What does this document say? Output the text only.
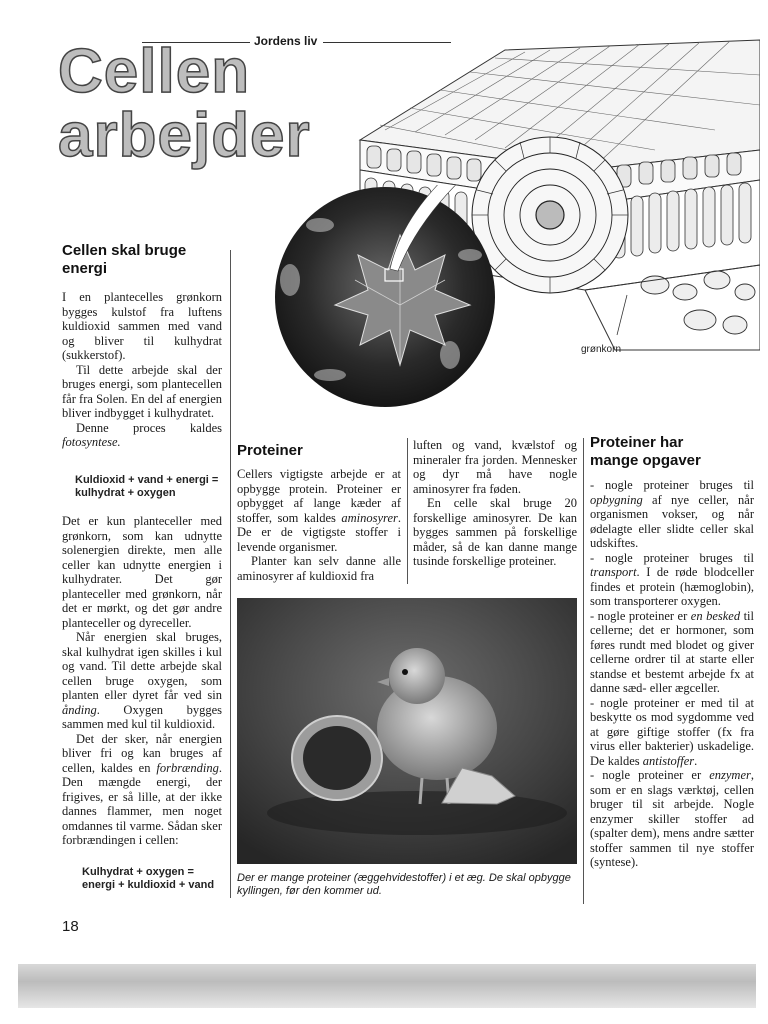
Jordens liv
Cellen
arbejder
grønkorn
Cellen skal bruge energi

I en plantecelles grønkorn bygges kulstof fra luftens kuldioxid sammen med vand og bliver til kulhydrat (sukkerstof).

Til dette arbejde skal der bruges energi, som plantecellen får fra Solen. En del af energien bliver indbygget i kulhydratet.

Denne proces kaldes fotosyntese.

Kuldioxid + vand + energi =
kulhydrat + oxygen

Det er kun planteceller med grønkorn, som kan udnytte solenergien direkte, men alle celler kan udnytte energien i kulhydrater. Det gør planteceller med grønkorn, når det er mørkt, og det gør andre planteceller og dyreceller.

Når energien skal bruges, skal kulhydrat igen skilles i kul og vand. Til dette arbejde skal cellen bruge oxygen, som planten eller dyret får ved sin ånding. Oxygen bygges sammen med kul til kuldioxid.

Det der sker, når energien bliver fri og kan bruges af cellen, kaldes en forbrænding. Den mængde energi, der frigives, er så lille, at der ikke dannes flammer, men noget omdannes til varme. Sådan sker forbrændingen i cellen:

Kulhydrat + oxygen =
energi + kuldioxid + vand
Proteiner

Cellers vigtigste arbejde er at opbygge protein. Proteiner er opbygget af lange kæder af stoffer, som kaldes aminosyrer. De er de vigtigste stoffer i levende organismer.

Planter kan selv danne alle aminosyrer af kuldioxid fra

luften og vand, kvælstof og mineraler fra jorden. Mennesker og dyr må have nogle aminosyrer fra føden.

En celle skal bruge 20 forskellige aminosyrer. De kan bygges sammen på forskellige måder, så de kan danne mange tusinde forskellige proteiner.

Proteiner har
mange opgaver

- nogle proteiner bruges til opbygning af nye celler, når organismen vokser, og når ødelagte eller slidte celler skal udskiftes.

- nogle proteiner bruges til transport. I de røde blodceller findes et protein (hæmoglobin), som transporterer oxygen.

- nogle proteiner er en besked til cellerne; det er hormoner, som føres rundt med blodet og giver cellerne ordrer til at starte eller standse et bestemt arbejde fx at danne sæd- eller ægceller.

- nogle proteiner er med til at beskytte os mod sygdomme ved at gøre giftige stoffer (fx fra virus eller bakterier) uskadelige. De kaldes antistoffer.

- nogle proteiner er enzymer, som er en slags værktøj, cellen bruger til sit arbejde. Nogle enzymer skiller stoffer ad (spalter dem), mens andre sætter stoffer sammen til nye stoffer (syntese).

Der er mange proteiner (æggehvidestoffer) i et æg. De skal opbygge kyllingen, før den kommer ud.
18
